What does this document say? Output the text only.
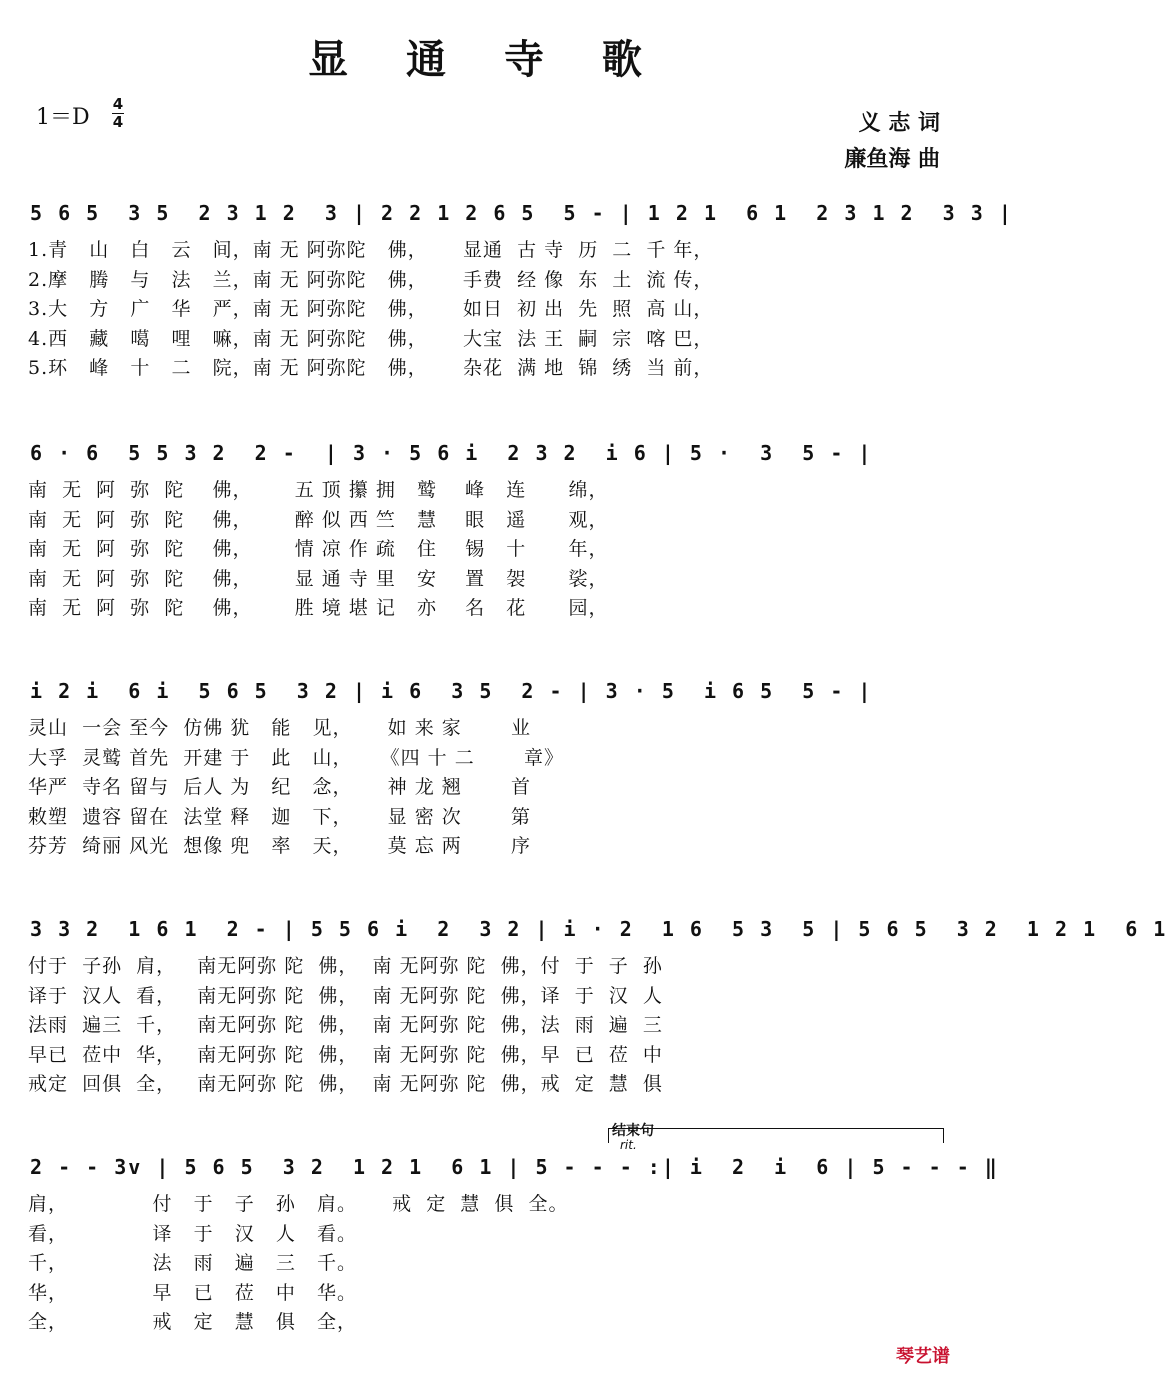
显 通 寺 歌
1＝D
4
4	义 志 词
廉鱼海 曲
5 6 5  3 5  2 3 1 2  3 | 2 2 1 2 6 5  5 - | 1 2 1  6 1  2 3 1 2  3 3 |
1.青   山   白   云   间，南 无 阿弥陀   佛，     显通  古 寺  历  二  千 年，
2.摩   腾   与   法   兰，南 无 阿弥陀   佛，     手费  经 像  东  土  流 传，
3.大   方   广   华   严，南 无 阿弥陀   佛，     如日  初 出  先  照  高 山，
4.西   藏   噶   哩   嘛，南 无 阿弥陀   佛，     大宝  法 王  嗣  宗  喀 巴，
5.环   峰   十   二   院，南 无 阿弥陀   佛，     杂花  满 地  锦  绣  当 前，
6 · 6  5 5 3 2  2 -  | 3 · 5 6 i  2 3 2  i 6 | 5 ·  3  5 - |
南  无  阿  弥  陀    佛，      五 顶 攥 拥   鹫    峰   连      绵，
南  无  阿  弥  陀    佛，      醉 似 西 竺   慧    眼   遥      观，
南  无  阿  弥  陀    佛，      情 凉 作 疏   住    锡   十      年，
南  无  阿  弥  陀    佛，      显 通 寺 里   安    置   袈      裟，
南  无  阿  弥  陀    佛，      胜 境 堪 记   亦    名   花      园，
i 2 i  6 i  5 6 5  3 2 | i 6  3 5  2 - | 3 · 5  i 6 5  5 - |
灵山  一会 至今  仿佛 犹   能   见，     如 来 家       业
大孚  灵鹫 首先  开建 于   此   山，    《四 十 二       章》
华严  寺名 留与  后人 为   纪   念，     神 龙 翘       首
敕塑  遗容 留在  法堂 释   迦   下，     显 密 次       第
芬芳  绮丽 风光  想像 兜   率   天，     莫 忘 两       序
3 3 2  1 6 1  2 - | 5 5 6 i  2  3 2 | i · 2  1 6  5 3  5 | 5 6 5  3 2  1 2 1  6 1
付于  子孙  肩，   南无阿弥 陀  佛，  南 无阿弥 陀  佛，付  于  子  孙
译于  汉人  看，   南无阿弥 陀  佛，  南 无阿弥 陀  佛，译  于  汉  人
法雨  遍三  千，   南无阿弥 陀  佛，  南 无阿弥 陀  佛，法  雨  遍  三
早已  莅中  华，   南无阿弥 陀  佛，  南 无阿弥 陀  佛，早  已  莅  中
戒定  回俱  全，   南无阿弥 陀  佛，  南 无阿弥 陀  佛，戒  定  慧  俱
结束句
rit.
2 - - 3v | 5 6 5  3 2  1 2 1  6 1 | 5 - - - :| i  2  i  6 | 5 - - - ‖
肩，            付   于   子   孙   肩。     戒  定  慧  俱  全。
看，            译   于   汉   人   看。
千，            法   雨   遍   三   千。
华，            早   已   莅   中   华。
全，            戒   定   慧   俱   全，
琴艺谱
